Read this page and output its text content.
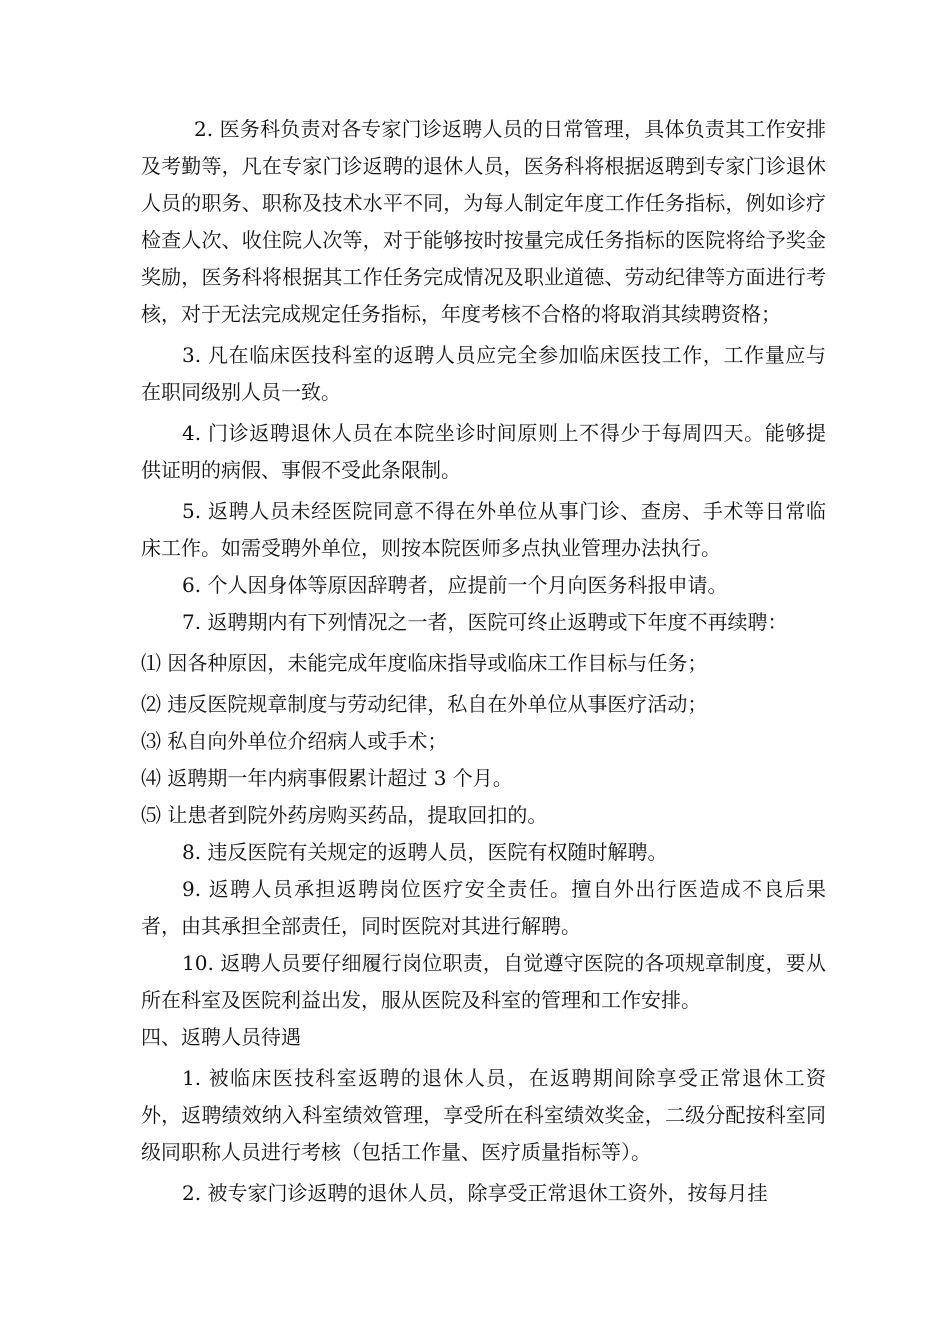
2. 医务科负责对各专家门诊返聘人员的日常管理，具体负责其工作安排及考勤等，凡在专家门诊返聘的退休人员，医务科将根据返聘到专家门诊退休人员的职务、职称及技术水平不同，为每人制定年度工作任务指标，例如诊疗检查人次、收住院人次等，对于能够按时按量完成任务指标的医院将给予奖金奖励，医务科将根据其工作任务完成情况及职业道德、劳动纪律等方面进行考核，对于无法完成规定任务指标，年度考核不合格的将取消其续聘资格；

3. 凡在临床医技科室的返聘人员应完全参加临床医技工作，工作量应与在职同级别人员一致。

4. 门诊返聘退休人员在本院坐诊时间原则上不得少于每周四天。能够提供证明的病假、事假不受此条限制。

5. 返聘人员未经医院同意不得在外单位从事门诊、查房、手术等日常临床工作。如需受聘外单位，则按本院医师多点执业管理办法执行。

6. 个人因身体等原因辞聘者，应提前一个月向医务科报申请。

7. 返聘期内有下列情况之一者，医院可终止返聘或下年度不再续聘：

⑴ 因各种原因，未能完成年度临床指导或临床工作目标与任务；

⑵ 违反医院规章制度与劳动纪律，私自在外单位从事医疗活动；

⑶ 私自向外单位介绍病人或手术；

⑷ 返聘期一年内病事假累计超过 3 个月。

⑸ 让患者到院外药房购买药品，提取回扣的。

8. 违反医院有关规定的返聘人员，医院有权随时解聘。

9. 返聘人员承担返聘岗位医疗安全责任。擅自外出行医造成不良后果者，由其承担全部责任，同时医院对其进行解聘。

10. 返聘人员要仔细履行岗位职责，自觉遵守医院的各项规章制度，要从所在科室及医院利益出发，服从医院及科室的管理和工作安排。

四、返聘人员待遇

1. 被临床医技科室返聘的退休人员，在返聘期间除享受正常退休工资外，返聘绩效纳入科室绩效管理，享受所在科室绩效奖金，二级分配按科室同级同职称人员进行考核（包括工作量、医疗质量指标等）。

2. 被专家门诊返聘的退休人员，除享受正常退休工资外，按每月挂
